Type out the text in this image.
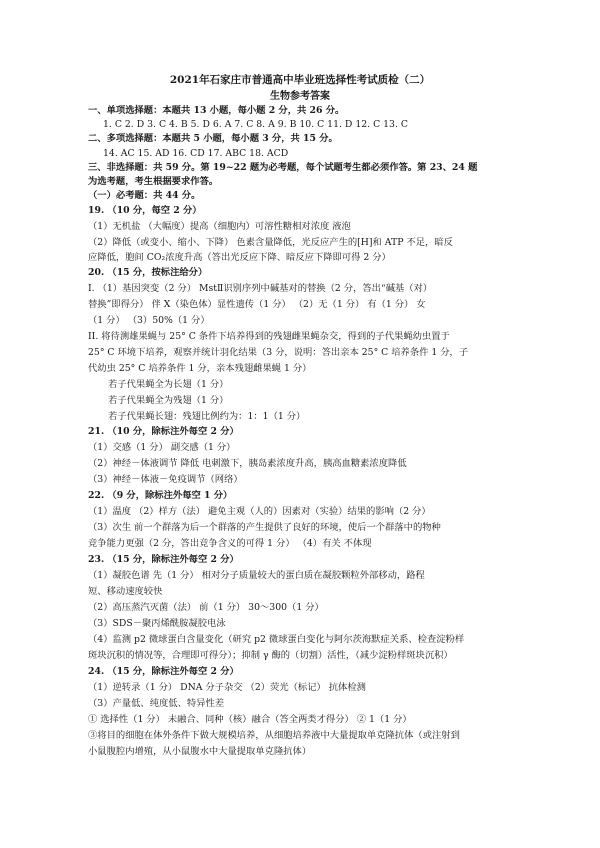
2021年石家庄市普通高中毕业班选择性考试质检（二）
生物参考答案
一、单项选择题：本题共 13 小题，每小题 2 分，共 26 分。
1. C 2. D 3. C 4. B 5. D 6. A 7. C 8. A 9. B 10. C 11. D 12. C 13. C
二、多项选择题：本题共 5 小题，每小题 3 分，共 15 分。
14. AC 15. AD 16. CD 17. ABC 18. ACD
三、非选择题：共 59 分。第 19~22 题为必考题，每个试题考生都必须作答。第 23、24 题
为选考题，考生根据要求作答。
（一）必考题：共 44 分。
19. （10 分，每空 2 分）
（1）无机盐 （大幅度）提高（细胞内）可溶性糖相对浓度 液泡
（2）降低（或变小、缩小、下降） 色素含量降低，光反应产生的[H]和 ATP 不足，暗反
应降低，胞间 CO₂浓度升高（答出光反应下降、暗反应下降即可得 2 分）
20. （15 分，按标注给分）
I. （1）基因突变（2 分） MstⅡ识别序列中碱基对的替换（2 分，答出“碱基（对）
替换”即得分） 伴 X（染色体）显性遗传（1 分） （2）无（1 分） 有（1 分） 女
（1 分） （3）50%（1 分）
II. 将待测雄果蝇与 25° C 条件下培养得到的残翅雌果蝇杂交，得到的子代果蝇幼虫置于
25° C 环境下培养，观察并统计羽化结果（3 分，说明：答出亲本 25° C 培养条件 1 分，子
代幼虫 25° C 培养条件 1 分，亲本残翅雌果蝇 1 分）
若子代果蝇全为长翅（1 分）
若子代果蝇全为残翅（1 分）
若子代果蝇长翅：残翅比例约为：1：1（1 分）
21. （10 分，除标注外每空 2 分）
（1）交感（1 分） 副交感（1 分）
（2）神经－体液调节 降低 电刺激下，胰岛素浓度升高，胰高血糖素浓度降低
（3）神经－体液－免疫调节（网络）
22. （9 分，除标注外每空 1 分）
（1）温度 （2）样方（法） 避免主观（人的）因素对（实验）结果的影响（2 分）
（3）次生 前一个群落为后一个群落的产生提供了良好的环境，使后一个群落中的物种
竞争能力更强（2 分，答出竞争含义的可得 1 分） （4）有关 不体现
23. （15 分，除标注外每空 2 分）
（1）凝胶色谱 先（1 分） 相对分子质量较大的蛋白质在凝胶颗粒外部移动，路程
短、移动速度较快
（2）高压蒸汽灭菌（法） 前（1 分） 30～300（1 分）
（3）SDS－聚丙烯酰胺凝胶电泳
（4）监测 p2 微球蛋白含量变化（研究 p2 微球蛋白变化与阿尔茨海默症关系、检查淀粉样
斑块沉积的情况等，合理即可得分）；抑制 γ 酶的（切割）活性，（减少淀粉样斑块沉积）
24. （15 分，除标注外每空 2 分）
（1）逆转录（1 分） DNA 分子杂交 （2）荧光（标记） 抗体检测
（3）产量低、纯度低、特异性差
① 选择性（1 分） 未融合、同种（核）融合（答全两类才得分） ② 1（1 分）
③将目的细胞在体外条件下做大规模培养，从细胞培养液中大量提取单克隆抗体（或注射到
小鼠腹腔内增殖，从小鼠腹水中大量提取单克隆抗体）
